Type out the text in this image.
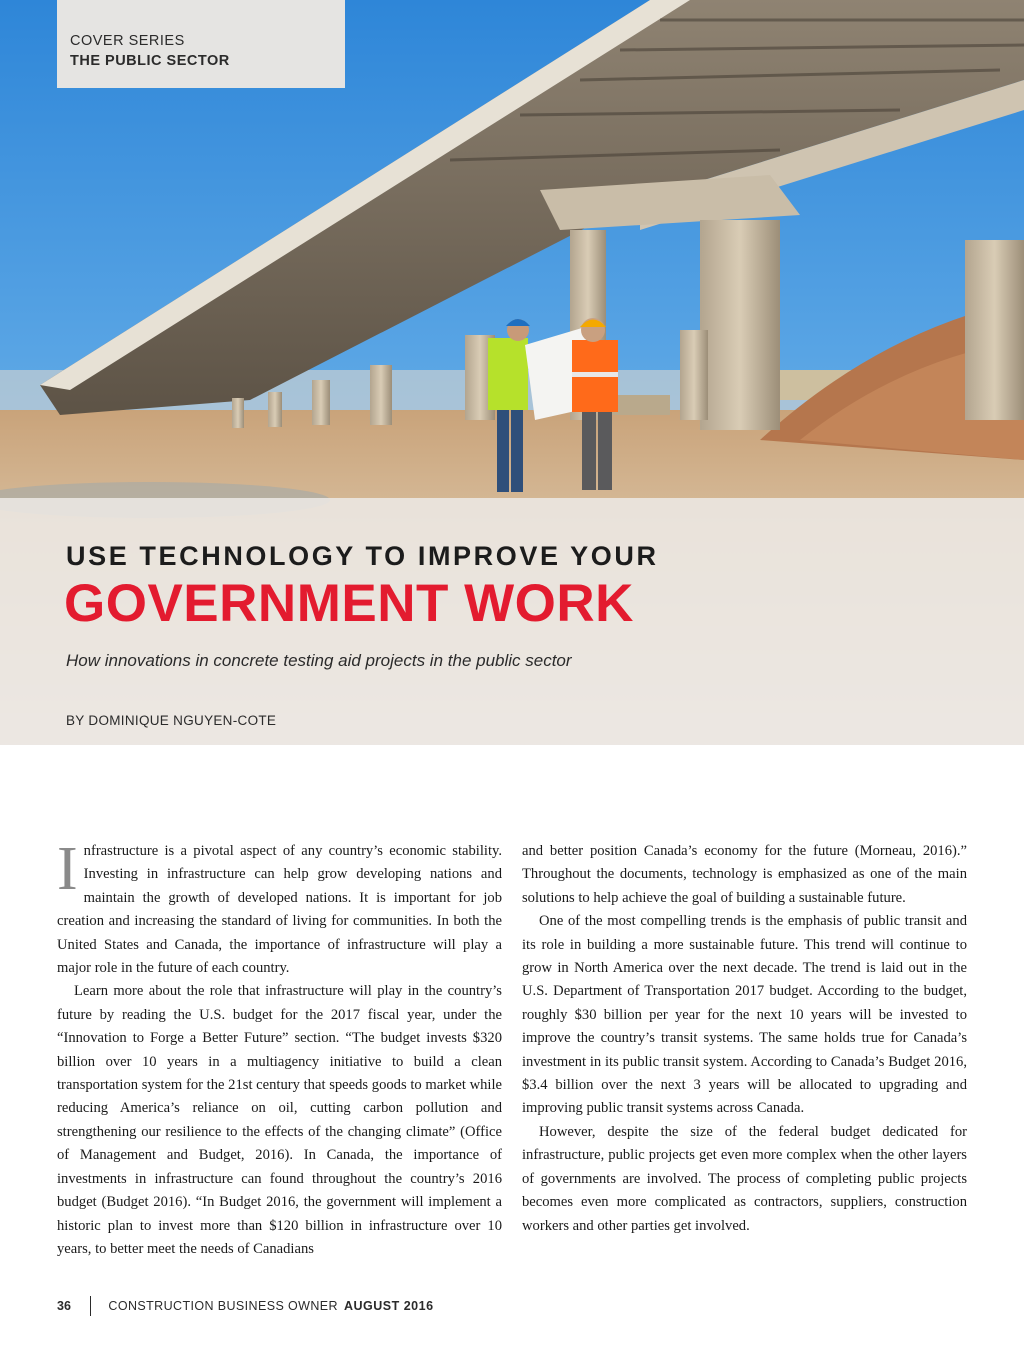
COVER SERIES
THE PUBLIC SECTOR
USE TECHNOLOGY TO IMPROVE YOUR
GOVERNMENT WORK
How innovations in concrete testing aid projects in the public sector
BY DOMINIQUE NGUYEN-COTE

Infrastructure is a pivotal aspect of any country’s economic stability. Investing in infrastructure can help grow developing nations and maintain the growth of developed nations. It is important for job creation and increasing the standard of living for communities. In both the United States and Canada, the importance of infrastructure will play a major role in the future of each country.

Learn more about the role that infrastructure will play in the country’s future by reading the U.S. budget for the 2017 fiscal year, under the “Innovation to Forge a Better Future” section. “The budget invests $320 billion over 10 years in a multiagency initiative to build a clean transportation system for the 21st century that speeds goods to market while reducing America’s reliance on oil, cutting carbon pollution and strengthening our resilience to the effects of the changing climate” (Office of Management and Budget, 2016). In Canada, the importance of investments in infrastructure can found throughout the country’s 2016 budget (Budget 2016). “In Budget 2016, the government will implement a historic plan to invest more than $120 billion in infrastructure over 10 years, to better meet the needs of Canadians

and better position Canada’s economy for the future (Morneau, 2016).” Throughout the documents, technology is emphasized as one of the main solutions to help achieve the goal of building a sustainable future.

One of the most compelling trends is the emphasis of public transit and its role in building a more sustainable future. This trend will continue to grow in North America over the next decade. The trend is laid out in the U.S. Department of Transportation 2017 budget. According to the budget, roughly $30 billion per year for the next 10 years will be invested to improve the country’s transit systems. The same holds true for Canada’s investment in its public transit system. According to Canada’s Budget 2016, $3.4 billion over the next 3 years will be allocated to upgrading and improving public transit systems across Canada.

However, despite the size of the federal budget dedicated for infrastructure, public projects get even more complex when the other layers of governments are involved. The process of completing public projects becomes even more complicated as contractors, suppliers, construction workers and other parties get involved.

36	CONSTRUCTION BUSINESS OWNER AUGUST 2016
